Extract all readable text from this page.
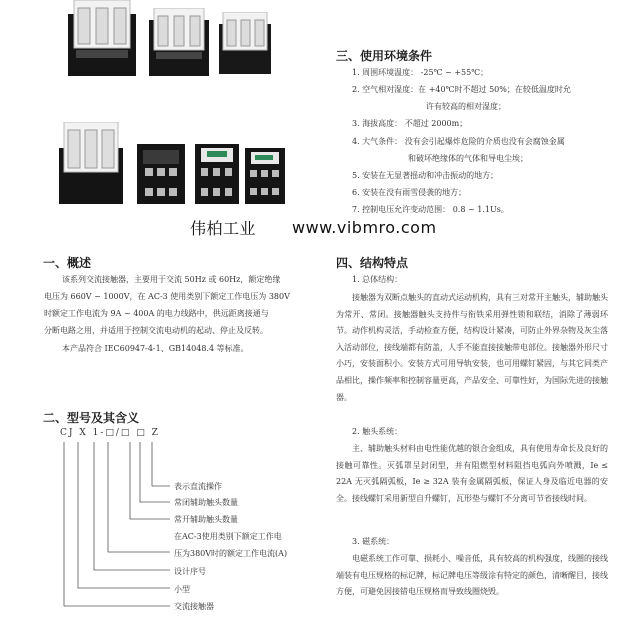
三、使用环境条件
1. 周围环境温度： -25℃ ~ +55℃；
2. 空气相对湿度：在 +40℃时不超过 50%；在较低温度时允
许有较高的相对湿度；
3. 海拔高度： 不超过 2000m；
4. 大气条件： 没有会引起爆炸危险的介质也没有会腐蚀金属
和破坏绝缘体的气体和导电尘埃；
5. 安装在无显著摇动和冲击振动的地方；
6. 安装在没有雨雪侵袭的地方；
7. 控制电压允许变动范围： 0.8 ~ 1.1Us。
伟柏工业 www.vibmro.com
一、概述
该系列交流接触器，主要用于交流 50Hz 或 60Hz，额定绝缘
电压为 660V ~ 1000V，在 AC-3 使用类别下额定工作电压为 380V
时额定工作电流为 9A ~ 400A 的电力线路中，供远距离接通与
分断电路之用，并适用于控制交流电动机的起动、停止及反转。
本产品符合 IEC60947-4-1、GB14048.4 等标准。
二、型号及其含义
CJ X 1-□/□ □ Z
表示直流操作
常闭辅助触头数量
常开辅助触头数量
在AC-3使用类别下额定工作电
压为380V时的额定工作电流(A)
设计序号
小型
交流接触器
四、结构特点
1. 总体结构：
接触器为双断点触头的直动式运动机构，具有三对常开主触头，辅助触头为常开、常闭。接触器触头支持件与衔铁采用弹性锁和联结，消除了薄弱环节。动作机构灵活，手动检查方便，结构设计紧凑，可防止外界杂物及灰尘落入活动部位，接线端都有防盖，人手不能直接接触带电部位。接触器外形尺寸小巧，安装面积小。安装方式可用导轨安装，也可用螺钉紧固，与其它同类产品相比，操作频率和控制容量更高，产品安全、可靠性好，为国际先进的接触器。
2. 触头系统：
主、辅助触头材料由电性能优越的银合金组成，具有使用寿命长及良好的接触可靠性。灭弧罩呈封闭型，并有阻燃型材料阻挡电弧向外喷溅，Ie ≤ 22A 无灭弧隔弧板，Ie ≥ 32A 装有金属隔弧板，保证人身及临近电器的安全。接线螺钉采用新型自升螺钉，瓦形垫与螺钉不分离可节省接线时间。
3. 磁系统：
电磁系统工作可靠、损耗小、噪音低，具有较高的机构强度，线圈的接线端装有电压规格的标记牌，标记牌电压等级涂有特定的颜色，清晰醒目，接线方便，可避免因接错电压规格而导致线圈烧毁。
